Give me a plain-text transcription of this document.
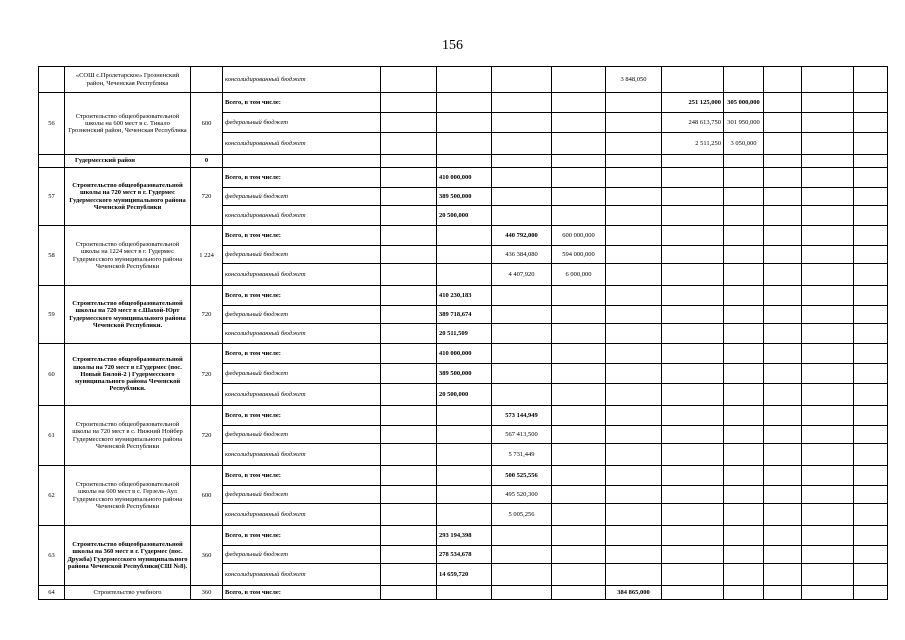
156
	«СОШ с.Пролетарское» Грозненский район, Чеченская Республика		консолидированный бюджет					3 848,050					
56	Строительство общеобразовательной школы на 600 мест в с. Тикало Грозненский район, Чеченская Республика	600	Всего, в том числе:						251 125,000	305 000,000			
			федеральный бюджет						248 613,750	301 950,000			
			консолидированный бюджет						2 511,250	3 050,000			
	Гудермесский район	0											
57	Строительство общеобразовательной школы на 720 мест в г. Гудермес Гудермесского муниципального района Чеченской Республики	720	Всего, в том числе:		410 000,000								
			федеральный бюджет		389 500,000								
			консолидированный бюджет		20 500,000								
58	Строительство общеобразовательной школы на 1224 мест в г. Гудермес Гудермесского муниципального района Чеченской Республики	1 224	Всего, в том числе:			440 792,000	600 000,000						
			федеральный бюджет			436 384,080	594 000,000						
			консолидированный бюджет			4 407,920	6 000,000						
59	Строительство общеобразовательной школы на 720 мест в с.Шахой-Юрт Гудермесского муниципального района Чеченской Республики.	720	Всего, в том числе:		410 230,183								
			федеральный бюджет		389 718,674								
			консолидированный бюджет		20 511,509								
60	Строительство общеобразовательной школы на 720 мест в г.Гудермес (пос. Новый Билой-2 ) Гудермесского муниципального района Чеченской Республики.	720	Всего, в том числе:		410 000,000								
			федеральный бюджет		389 500,000								
			консолидированный бюджет		20 500,000								
61	Строительство общеобразовательной школы на 720 мест в с. Нижний Нойбер Гудермесского муниципального района Чеченской Республики	720	Всего, в том числе:			573 144,949							
			федеральный бюджет			567 413,500							
			консолидированный бюджет			5 731,449							
62	Строительство общеобразовательной школы на 600 мест в с. Герзель-Аул Гудермесского муниципального района Чеченской Республики	600	Всего, в том числе:			500 525,556							
			федеральный бюджет			495 520,300							
			консолидированный бюджет			5 005,256							
63	Строительство общеобразовательной школы на 360 мест в г. Гудермес (пос. Дружба) Гудермесского муниципального района Чеченской Республики(СШ №8).	360	Всего, в том числе:		293 194,398								
			федеральный бюджет		278 534,678								
			консолидированный бюджет		14 659,720								
64	Строительство учебного	360	Всего, в том числе:					384 865,000					
